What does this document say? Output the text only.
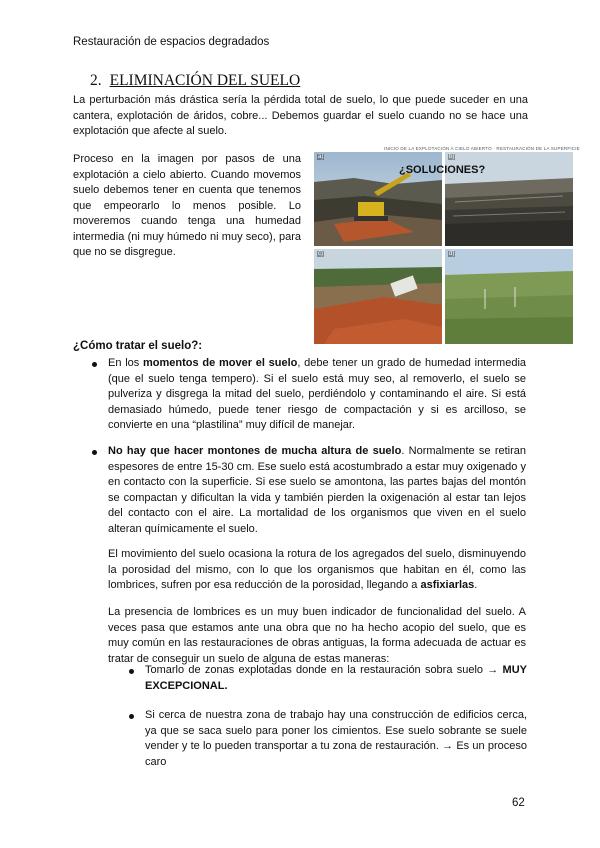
Restauración de espacios degradados
2. ELIMINACIÓN DEL SUELO
La perturbación más drástica sería la pérdida total de suelo, lo que puede suceder en una cantera, explotación de áridos, cobre... Debemos guardar el suelo cuando no se hace una explotación que afecte al suelo.
Proceso en la imagen por pasos de una explotación a cielo abierto. Cuando movemos suelo debemos tener en cuenta que tenemos que empeorarlo lo menos posible. Lo moveremos cuando tenga una humedad intermedia (ni muy húmedo ni muy seco), para que no se disgregue.
INICIO DE LA EXPLOTACIÓN A CIELO ABIERTO · RESTAURACIÓN DE LA SUPERFICIE
a)	b)
c)	d)
¿SOLUCIONES?
¿Cómo tratar el suelo?:
En los momentos de mover el suelo, debe tener un grado de humedad intermedia (que el suelo tenga tempero). Si el suelo está muy seo, al removerlo, el suelo se pulveriza y disgrega la mitad del suelo, perdiéndolo y contaminando el aire. Si está demasiado húmedo, puede tener riesgo de compactación y si es arcilloso, se convierte en una “plastilina” muy difícil de manejar.
No hay que hacer montones de mucha altura de suelo. Normalmente se retiran espesores de entre 15-30 cm. Ese suelo está acostumbrado a estar muy oxigenado y en contacto con la superficie. Si ese suelo se amontona, las partes bajas del montón se compactan y dificultan la vida y también pierden la oxigenación al estar tan lejos del contacto con el aire. La mortalidad de los organismos que viven en el suelo alteran químicamente el suelo.
El movimiento del suelo ocasiona la rotura de los agregados del suelo, disminuyendo la porosidad del mismo, con lo que los organismos que habitan en él, como las lombrices, sufren por esa reducción de la porosidad, llegando a asfixiarlas.
La presencia de lombrices es un muy buen indicador de funcionalidad del suelo. A veces pasa que estamos ante una obra que no ha hecho acopio del suelo, que es muy común en las restauraciones de obras antiguas, la forma adecuada de actuar es tratar de conseguir un suelo de alguna de estas maneras:
Tomarlo de zonas explotadas donde en la restauración sobra suelo → MUY EXCEPCIONAL.
Si cerca de nuestra zona de trabajo hay una construcción de edificios cerca, ya que se saca suelo para poner los cimientos. Ese suelo sobrante se suele vender y te lo pueden transportar a tu zona de restauración. → Es un proceso caro
62
